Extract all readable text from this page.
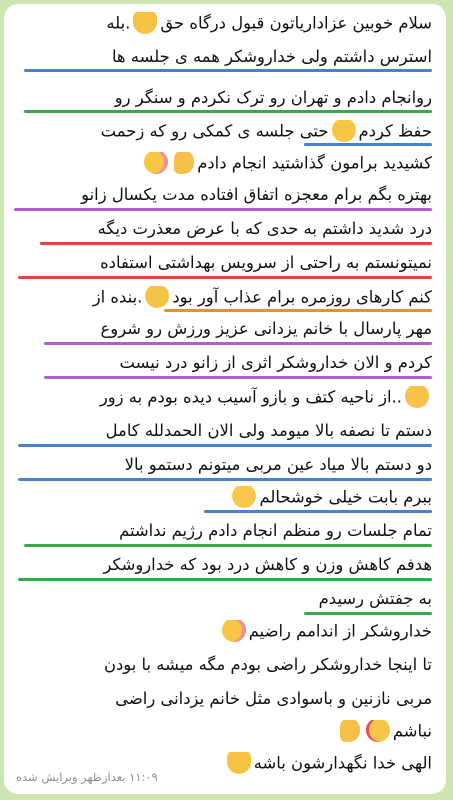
سلام خوبین عزاداریاتون قبول درگاه حق.بله
استرس داشتم ولی خداروشکر همه ی جلسه ها
روانجام دادم و تهران رو ترک نکردم و سنگر رو
حفظ کردمحتی جلسه ی کمکی رو که زحمت
کشیدید برامون گذاشتید انجام دادم
بهتره بگم برام معجزه اتفاق افتاده مدت یکسال زانو
درد شدید داشتم به حدی که با عرض معذرت دیگه
نمیتونستم به راحتی از سرویس بهداشتی استفاده
کنم کارهای روزمره برام عذاب آور بود.بنده از
مهر پارسال با خانم یزدانی عزیز ورزش رو شروع
کردم و الان خداروشکر اثری از زانو درد نیست
..از ناحیه کتف و بازو آسیب دیده بودم به زور
دستم تا نصفه بالا میومد ولی الان الحمدلله کامل
دو دستم بالا میاد عین مربی میتونم دستمو بالا
ببرم بابت خیلی خوشحالم
تمام جلسات رو منظم انجام دادم رژیم نداشتم
هدفم کاهش وزن و کاهش درد بود که خداروشکر
به جفتش رسیدم
خداروشکر از اندامم راضیم
تا اینجا خداروشکر راضی بودم مگه میشه با بودن
مربی نازنین و باسوادی مثل خانم یزدانی راضی
نباشم
الهی خدا نگهدارشون باشه
۱۱:۰۹ بعدازظهر ویرایش شده
